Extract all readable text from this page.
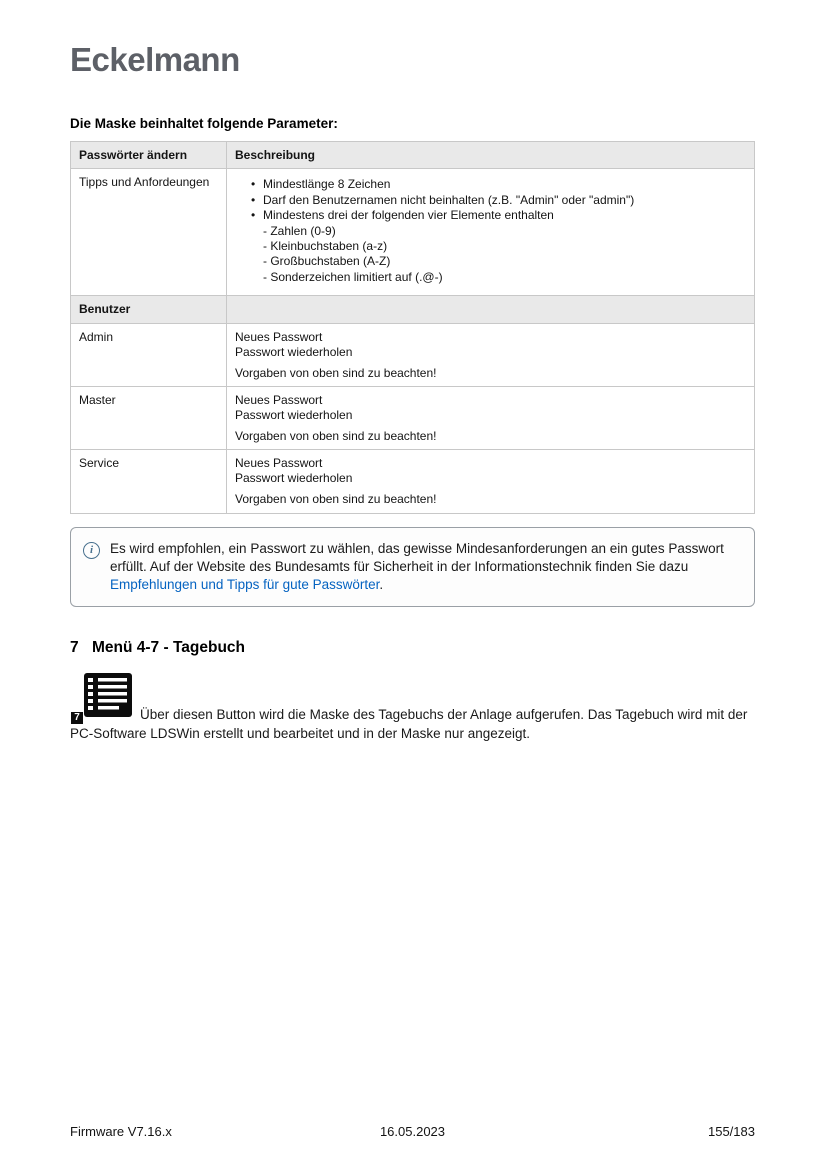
Eckelmann
Die Maske beinhaltet folgende Parameter:
Passwörter ändern	Beschreibung
Tipps und Anfordeungen	
•Mindestlänge 8 Zeichen
• Darf den Benutzernamen nicht beinhalten (z.B. "Admin" oder "admin")
• Mindestens drei der folgenden vier Elemente enthalten
- Zahlen (0-9)
- Kleinbuchstaben (a-z)
- Großbuchstaben (A-Z)
- Sonderzeichen limitiert auf (.@-)

Benutzer	
Admin	Neues Passwort
Passwort wiederholen
Vorgaben von oben sind zu beachten!

Master	Neues Passwort
Passwort wiederholen
Vorgaben von oben sind zu beachten!

Service	Neues Passwort
Passwort wiederholen
Vorgaben von oben sind zu beachten!
i	Es wird empfohlen, ein Passwort zu wählen, das gewisse Mindesanforderungen an ein gutes Passwort erfüllt. Auf der Website des Bundesamts für Sicherheit in der Informationstechnik finden Sie dazu Empfehlungen und Tipps für gute Passwörter.
7 Menü 4-7 - Tagebuch
7	Über diesen Button wird die Maske des Tagebuchs der Anlage aufgerufen. Das Tagebuch wird mit der PC-Software LDSWin erstellt und bearbeitet und in der Maske nur angezeigt.
Firmware V7.16.x	16.05.2023	155/183
